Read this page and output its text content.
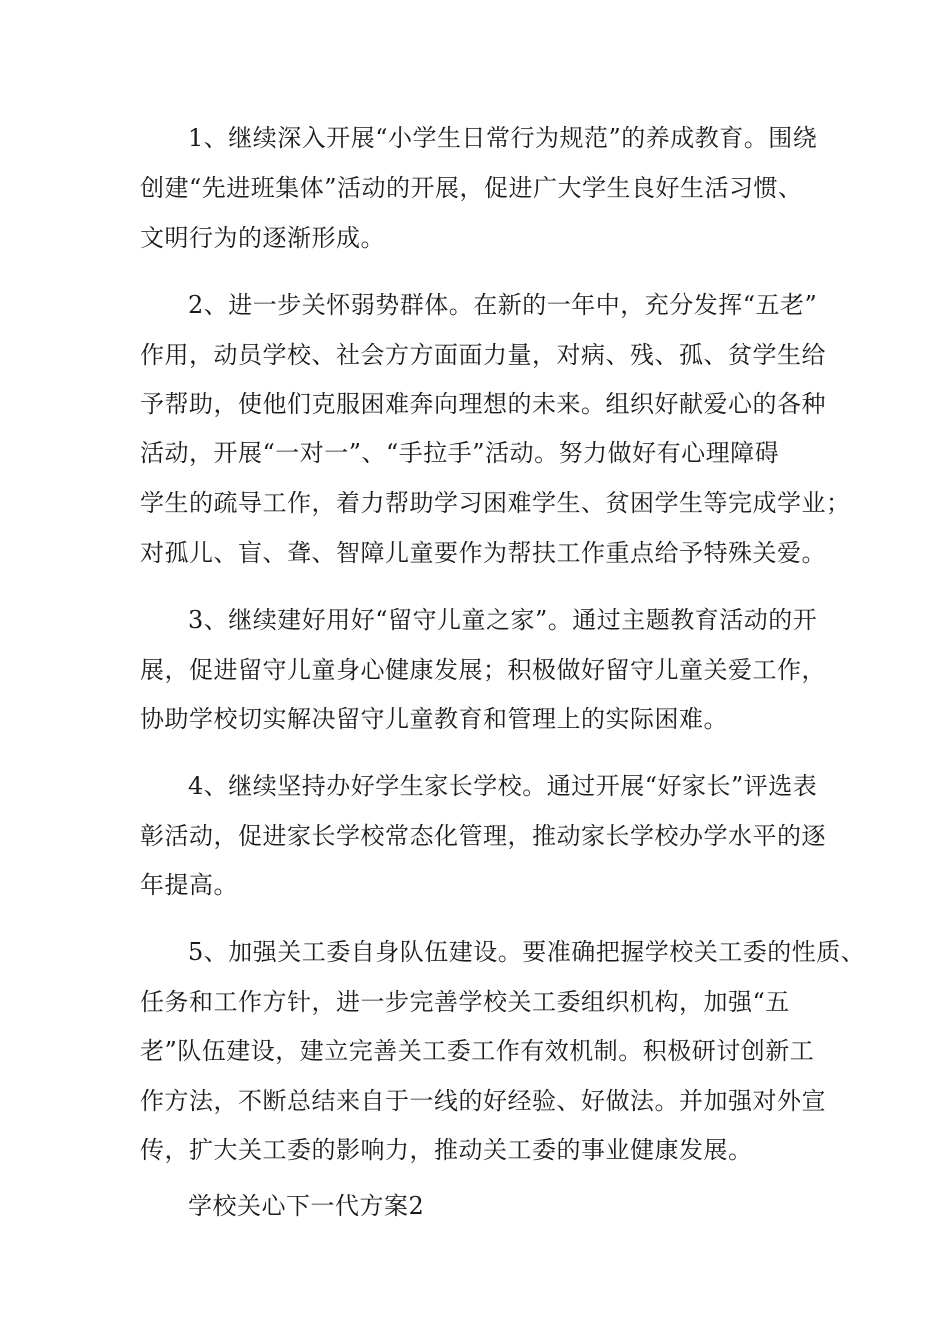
1、继续深入开展“小学生日常行为规范”的养成教育。围绕
创建“先进班集体”活动的开展，促进广大学生良好生活习惯、
文明行为的逐渐形成。
2、进一步关怀弱势群体。在新的一年中，充分发挥“五老”
作用，动员学校、社会方方面面力量，对病、残、孤、贫学生给
予帮助，使他们克服困难奔向理想的未来。组织好献爱心的各种
活动，开展“一对一”、“手拉手”活动。努力做好有心理障碍
学生的疏导工作，着力帮助学习困难学生、贫困学生等完成学业；
对孤儿、盲、聋、智障儿童要作为帮扶工作重点给予特殊关爱。
3、继续建好用好“留守儿童之家”。通过主题教育活动的开
展，促进留守儿童身心健康发展；积极做好留守儿童关爱工作，
协助学校切实解决留守儿童教育和管理上的实际困难。
4、继续坚持办好学生家长学校。通过开展“好家长”评选表
彰活动，促进家长学校常态化管理，推动家长学校办学水平的逐
年提高。
5、加强关工委自身队伍建设。要准确把握学校关工委的性质、
任务和工作方针，进一步完善学校关工委组织机构，加强“五
老”队伍建设，建立完善关工委工作有效机制。积极研讨创新工
作方法，不断总结来自于一线的好经验、好做法。并加强对外宣
传，扩大关工委的影响力，推动关工委的事业健康发展。
学校关心下一代方案2
